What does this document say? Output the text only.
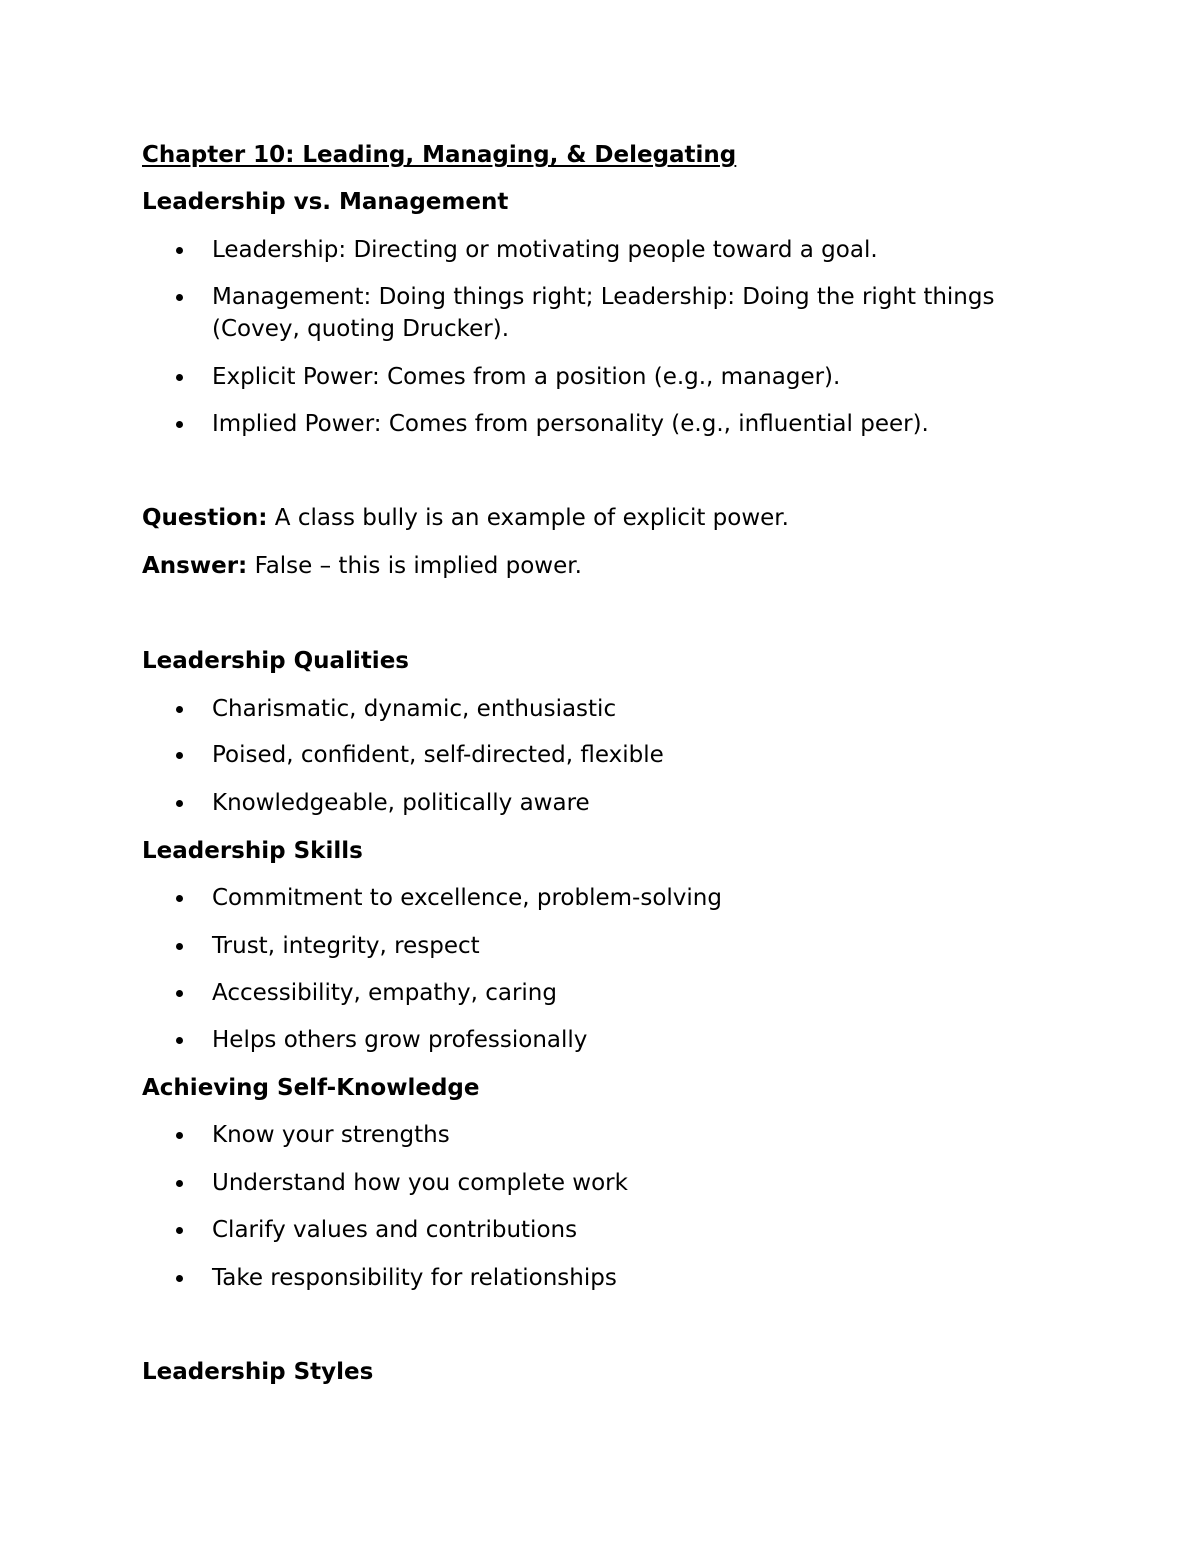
Chapter 10: Leading, Managing, & Delegating
Leadership vs. Management
Leadership: Directing or motivating people toward a goal.
Management: Doing things right; Leadership: Doing the right things
(Covey, quoting Drucker).
Explicit Power: Comes from a position (e.g., manager).
Implied Power: Comes from personality (e.g., influential peer).
Question: A class bully is an example of explicit power.
Answer: False – this is implied power.
Leadership Qualities
Charismatic, dynamic, enthusiastic
Poised, confident, self-directed, flexible
Knowledgeable, politically aware
Leadership Skills
Commitment to excellence, problem-solving
Trust, integrity, respect
Accessibility, empathy, caring
Helps others grow professionally
Achieving Self-Knowledge
Know your strengths
Understand how you complete work
Clarify values and contributions
Take responsibility for relationships
Leadership Styles
